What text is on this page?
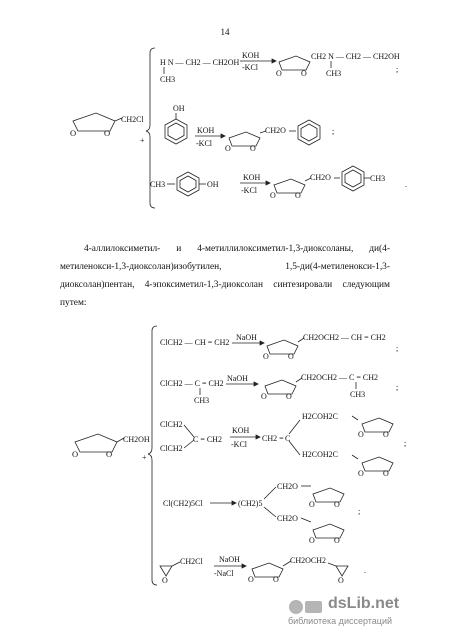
14
O	O
CH2Cl
+
H N — CH2 — CH2OH
CH3
KOH
-KCl
O O
CH2 N — CH2 — CH2OH
CH3	;
OH
KOH
-KCl
O O
CH2O	;
CH3	OH
KOH
-KCl
O O
CH2O	CH3
.
O	O
CH2OH
+
ClCH2 — CH = CH2
NaOH
O O
CH2OCH2 — CH = CH2
;
ClCH2 — C = CH2
CH3
NaOH
O O
CH2OCH2 — C = CH2
CH3
;
ClCH2
ClCH2
C = CH2
KOH
-KCl
CH2 = C
H2COH2C
H2COH2C
O O
O O
;
Cl(CH2)5Cl	(CH2)5
CH2O
CH2O
O O
O O
;
O
CH2Cl NaOH
-NaCl
O O
CH2OCH2
O
.

4-аллилоксиметил- и 4-метиллилоксиметил-1,3-диоксоланы, ди(4-метиленокси-1,3-диоксолан)изобутилен, 1,5-ди(4-метиленокси-1,3-диоксолан)пентан, 4-эпоксиметил-1,3-диоксолан синтезировали следующим путем:

dsLib.net
библиотека диссертаций
